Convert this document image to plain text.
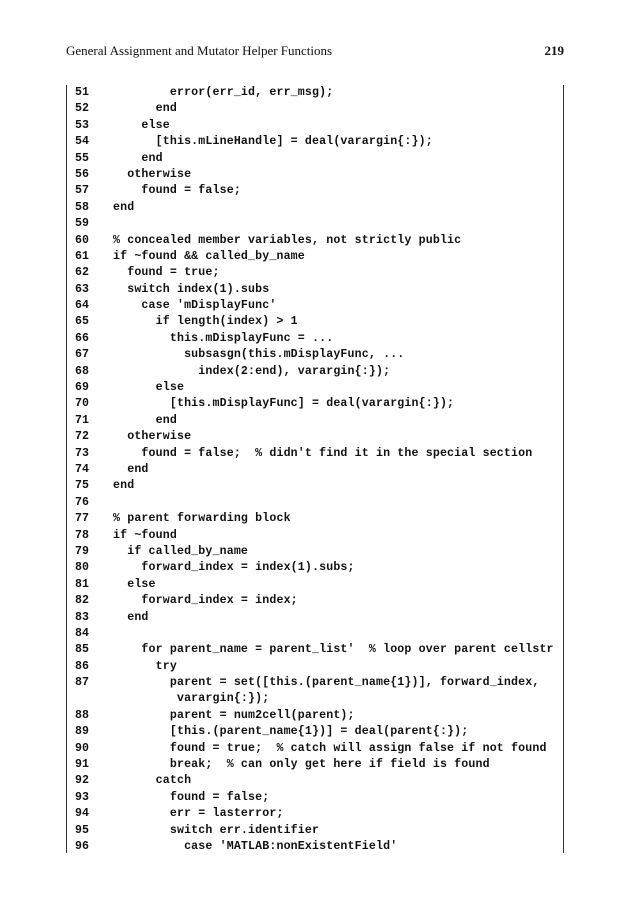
General Assignment and Mutator Helper Functions	219
51 error(err_id, err_msg);
52 end
53 else
54 [this.mLineHandle] = deal(varargin{:});
55 end
56 otherwise
57 found = false;
58 end
59
60 % concealed member variables, not strictly public
61 if ~found && called_by_name
62 found = true;
63 switch index(1).subs
64 case 'mDisplayFunc'
65 if length(index) > 1
66 this.mDisplayFunc = ...
67 subsasgn(this.mDisplayFunc, ...
68 index(2:end), varargin{:});
69 else
70 [this.mDisplayFunc] = deal(varargin{:});
71 end
72 otherwise
73 found = false;  % didn't find it in the special section
74 end
75 end
76
77 % parent forwarding block
78 if ~found
79 if called_by_name
80 forward_index = index(1).subs;
81 else
82 forward_index = index;
83 end
84
85 for parent_name = parent_list'  % loop over parent cellstr
86 try
87 parent = set([this.(parent_name{1})], forward_index,
varargin{:});
88 parent = num2cell(parent);
89 [this.(parent_name{1})] = deal(parent{:});
90 found = true;  % catch will assign false if not found
91 break;  % can only get here if field is found
92 catch
93 found = false;
94 err = lasterror;
95 switch err.identifier
96 case 'MATLAB:nonExistentField'
